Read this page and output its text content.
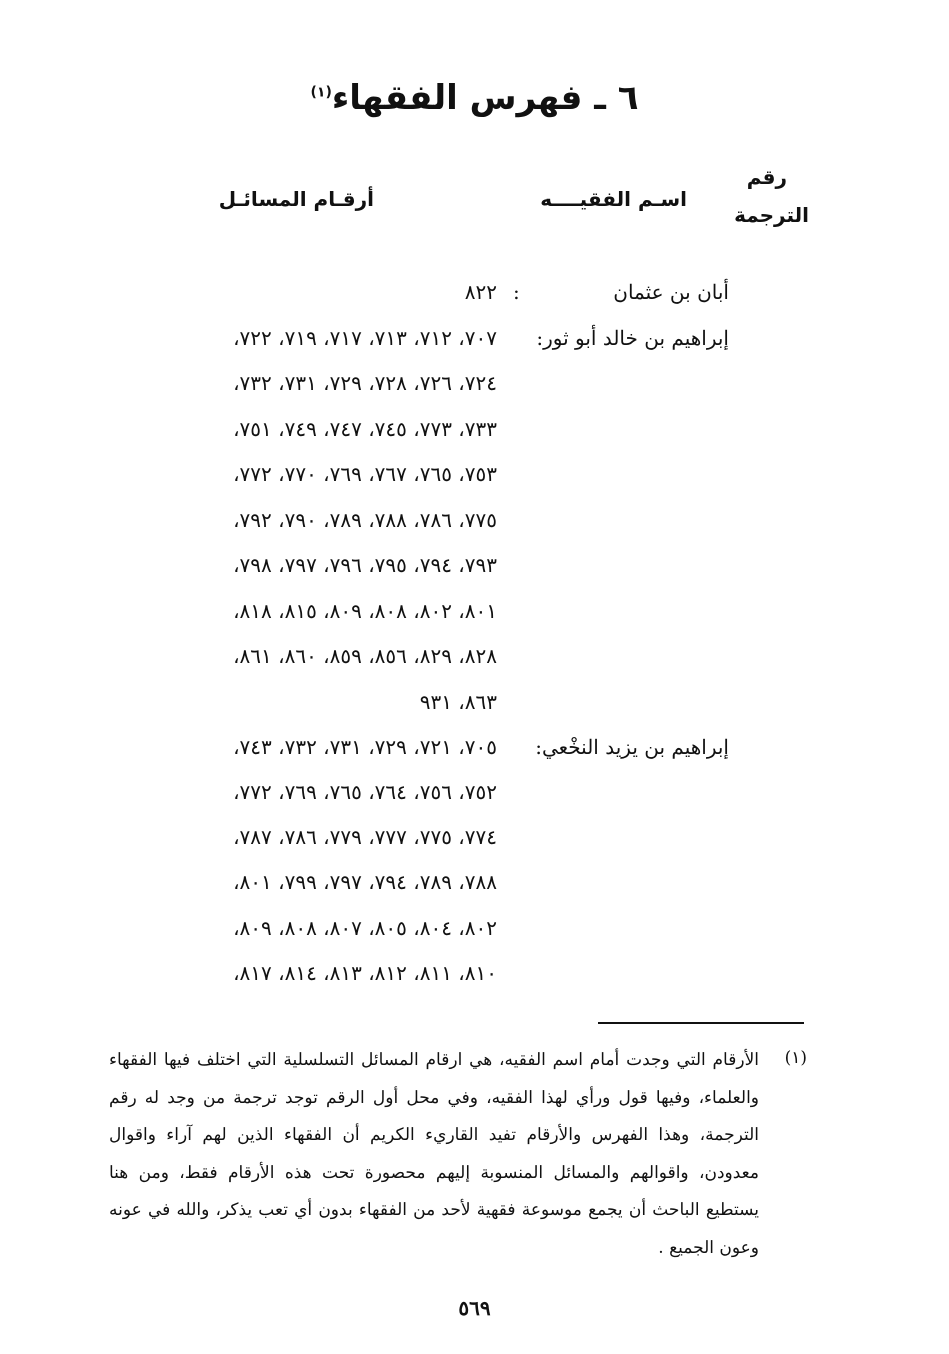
٦ ـ فهرس الفقهاء$^{(١)}$
رقم
الترجمة
اسـم الفقيــــه
أرقـام المسائـل
أبان بن عثمان
:
٨٢٢
إبراهيم بن خالد أبو ثور:
٧٠٧، ٧١٢، ٧١٣، ٧١٧، ٧١٩، ٧٢٢،
٧٢٤، ٧٢٦، ٧٢٨، ٧٢٩، ٧٣١، ٧٣٢،
٧٣٣، ٧٧٣، ٧٤٥، ٧٤٧، ٧٤٩، ٧٥١،
٧٥٣، ٧٦٥، ٧٦٧، ٧٦٩، ٧٧٠، ٧٧٢،
٧٧٥، ٧٨٦، ٧٨٨، ٧٨٩، ٧٩٠، ٧٩٢،
٧٩٣، ٧٩٤، ٧٩٥، ٧٩٦، ٧٩٧، ٧٩٨،
٨٠١، ٨٠٢، ٨٠٨، ٨٠٩، ٨١٥، ٨١٨،
٨٢٨، ٨٢٩، ٨٥٦، ٨٥٩، ٨٦٠، ٨٦١،
٨٦٣، ٩٣١
إبراهيم بن يزيد النخْعي:
٧٠٥، ٧٢١، ٧٢٩، ٧٣١، ٧٣٢، ٧٤٣،
٧٥٢، ٧٥٦، ٧٦٤، ٧٦٥، ٧٦٩، ٧٧٢،
٧٧٤، ٧٧٥، ٧٧٧، ٧٧٩، ٧٨٦، ٧٨٧،
٧٨٨، ٧٨٩، ٧٩٤، ٧٩٧، ٧٩٩، ٨٠١،
٨٠٢، ٨٠٤، ٨٠٥، ٨٠٧، ٨٠٨، ٨٠٩،
٨١٠، ٨١١، ٨١٢، ٨١٣، ٨١٤، ٨١٧،
(١)
الأرقام التي وجدت أمام اسم الفقيه، هي ارقام المسائل التسلسلية التي اختلف فيها الفقهاء والعلماء، وفيها قول ورأي لهذا الفقيه، وفي محل أول الرقم توجد ترجمة من وجد له رقم الترجمة، وهذا الفهرس والأرقام تفيد القاريء الكريم أن الفقهاء الذين لهم آراء واقوال معدودن، واقوالهم والمسائل المنسوبة إليهم محصورة تحت هذه الأرقام فقط، ومن هنا يستطيع الباحث أن يجمع موسوعة فقهية لأحد من الفقهاء بدون أي تعب يذكر، والله في عونه وعون الجميع .
٥٦٩
